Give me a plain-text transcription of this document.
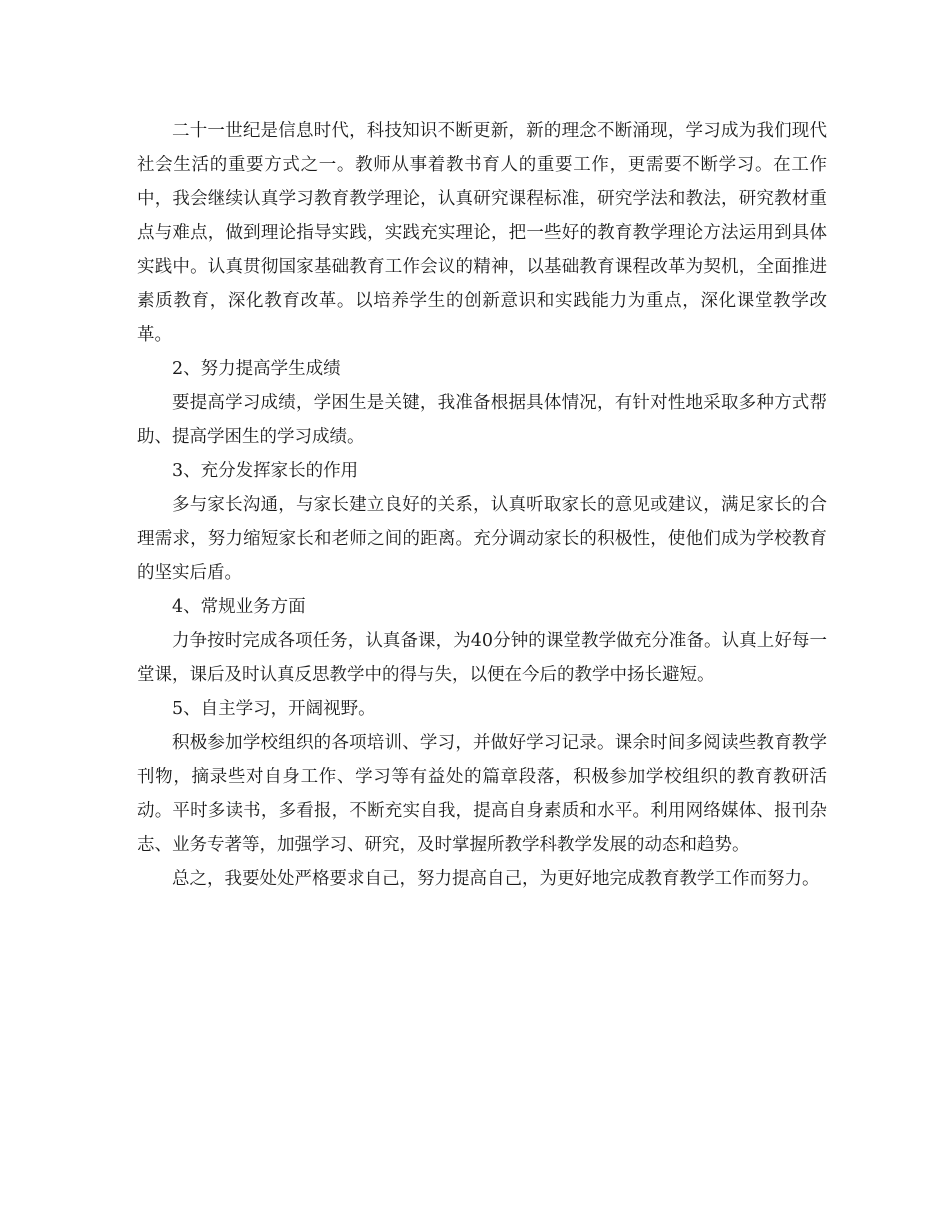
二十一世纪是信息时代，科技知识不断更新，新的理念不断涌现，学习成为我们现代社会生活的重要方式之一。教师从事着教书育人的重要工作，更需要不断学习。在工作中，我会继续认真学习教育教学理论，认真研究课程标准，研究学法和教法，研究教材重点与难点，做到理论指导实践，实践充实理论，把一些好的教育教学理论方法运用到具体实践中。认真贯彻国家基础教育工作会议的精神，以基础教育课程改革为契机，全面推进素质教育，深化教育改革。以培养学生的创新意识和实践能力为重点，深化课堂教学改革。

2、努力提高学生成绩

要提高学习成绩，学困生是关键，我准备根据具体情况，有针对性地采取多种方式帮助、提高学困生的学习成绩。

3、充分发挥家长的作用

多与家长沟通，与家长建立良好的关系，认真听取家长的意见或建议，满足家长的合理需求，努力缩短家长和老师之间的距离。充分调动家长的积极性，使他们成为学校教育的坚实后盾。

4、常规业务方面

力争按时完成各项任务，认真备课，为40分钟的课堂教学做充分准备。认真上好每一堂课，课后及时认真反思教学中的得与失，以便在今后的教学中扬长避短。

5、自主学习，开阔视野。

积极参加学校组织的各项培训、学习，并做好学习记录。课余时间多阅读些教育教学刊物，摘录些对自身工作、学习等有益处的篇章段落，积极参加学校组织的教育教研活动。平时多读书，多看报，不断充实自我，提高自身素质和水平。利用网络媒体、报刊杂志、业务专著等，加强学习、研究，及时掌握所教学科教学发展的动态和趋势。

总之，我要处处严格要求自己，努力提高自己，为更好地完成教育教学工作而努力。
